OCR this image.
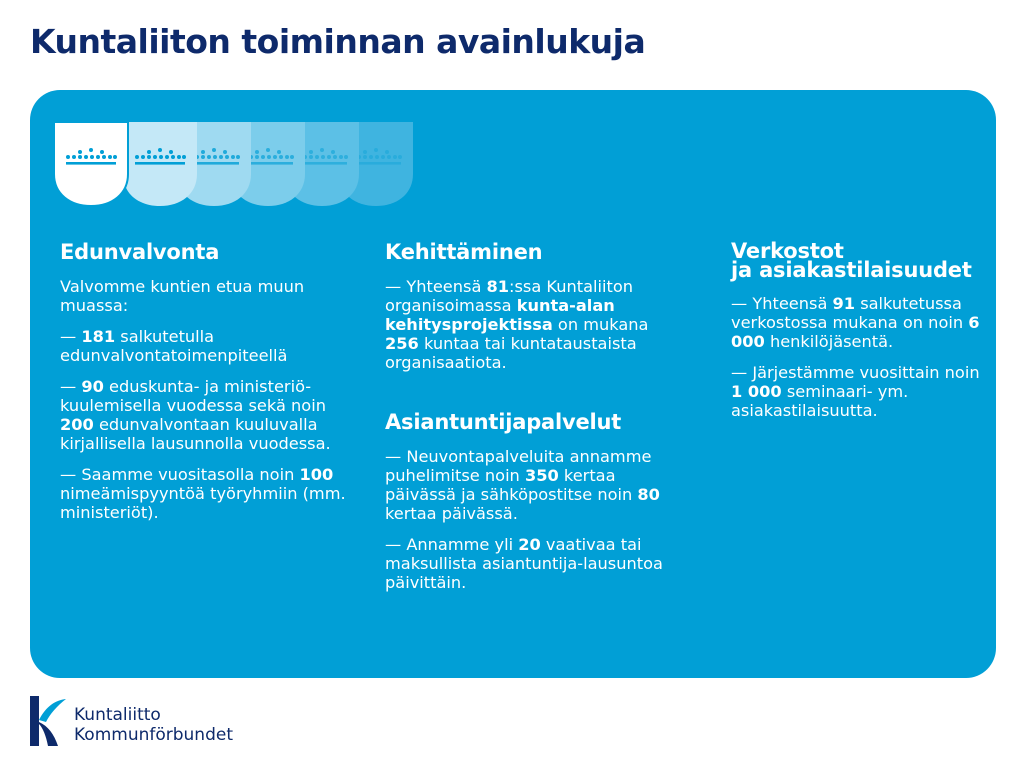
Kuntaliiton toiminnan avainlukuja
Edunvalvonta
Valvomme kuntien etua muun muassa:
— 181 salkutetulla edunvalvontatoimenpiteellä
— 90 eduskunta- ja ministeriö-kuulemisella vuodessa sekä noin 200 edunvalvontaan kuuluvalla kirjallisella lausunnolla vuodessa.
— Saamme vuositasolla noin 100 nimeämispyyntöä työryhmiin (mm. ministeriöt).
Kehittäminen
— Yhteensä 81:ssa Kuntaliiton organisoimassa kunta-alan kehitysprojektissa on mukana 256 kuntaa tai kuntataustaista organisaatiota.
Asiantuntijapalvelut
— Neuvontapalveluita annamme puhelimitse noin 350 kertaa päivässä ja sähköpostitse noin 80 kertaa päivässä.
— Annamme yli 20 vaativaa tai maksullista asiantuntija-lausuntoa päivittäin.
Verkostot
ja asiakastilaisuudet
— Yhteensä 91 salkutetussa verkostossa mukana on noin 6 000 henkilöjäsentä.
— Järjestämme vuosittain noin 1 000 seminaari- ym. asiakastilaisuutta.
Kuntaliitto
Kommunförbundet
